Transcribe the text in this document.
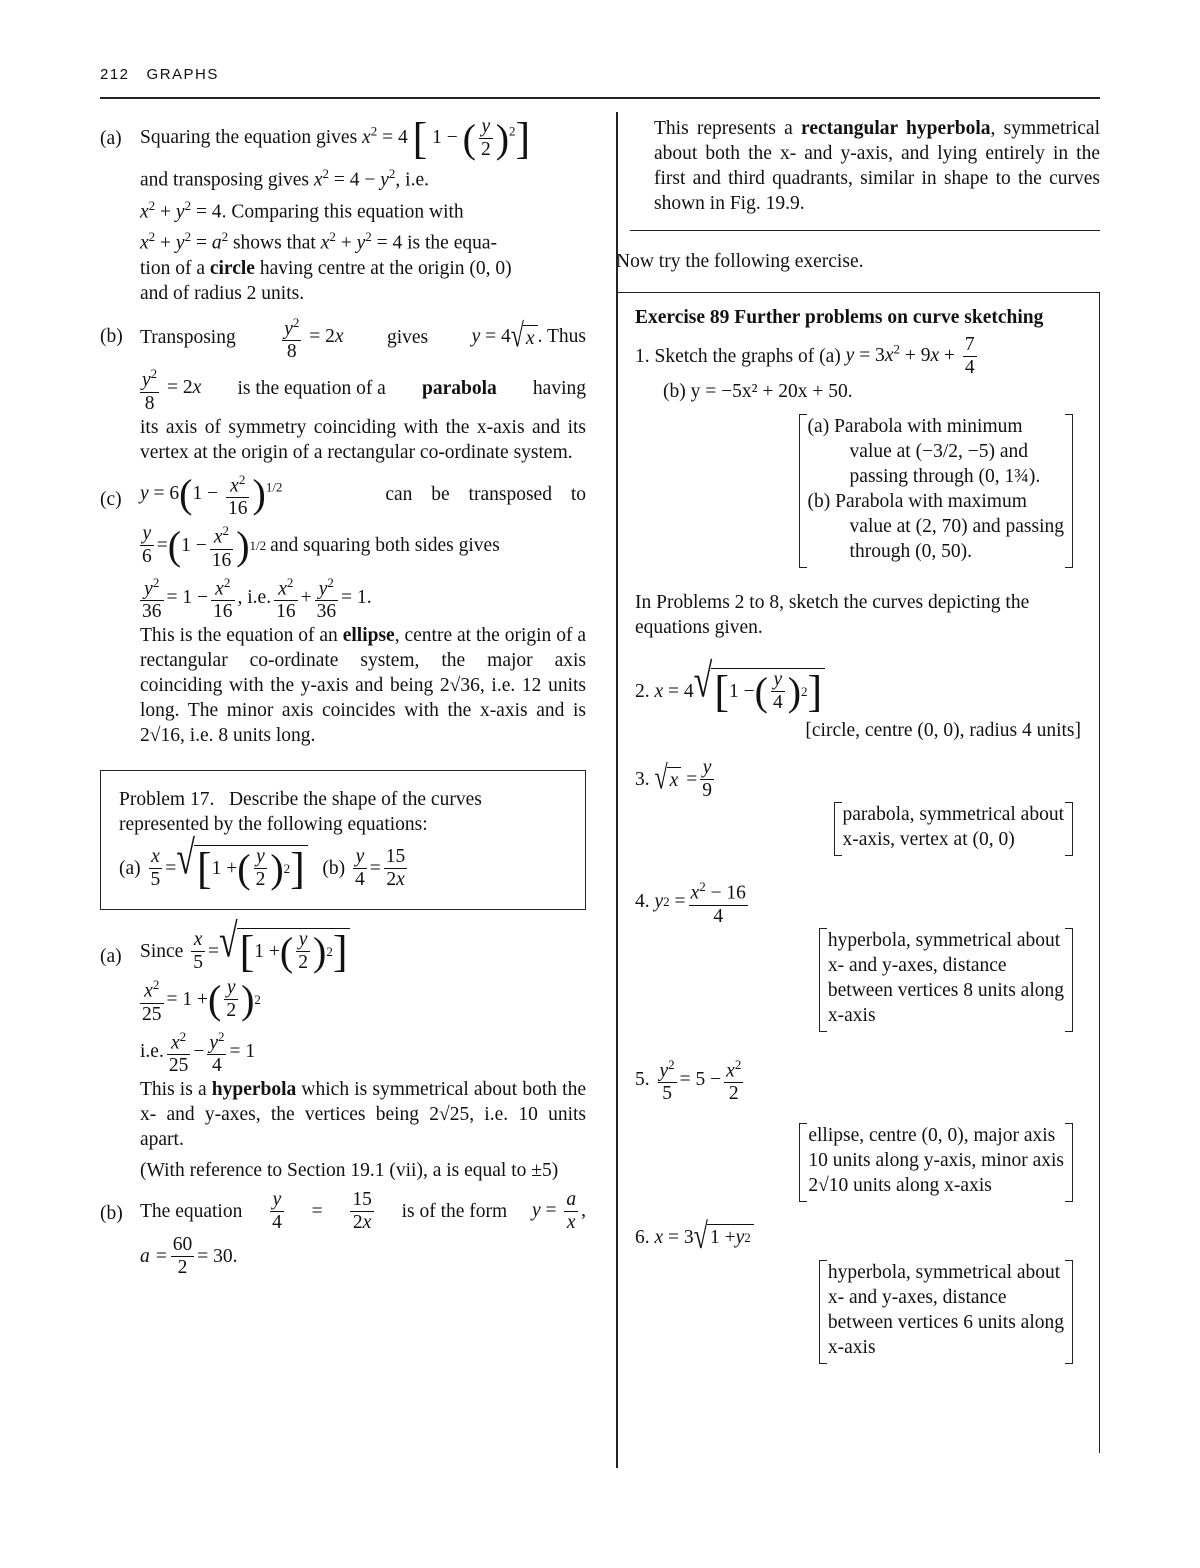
212 GRAPHS
(a) Squaring the equation gives $x^2 = 4$ [ 1 − ( $\frac{y}{2} )^2$]
and transposing gives $x^2 = 4 - y^2$, i.e.
$x^2 + y^2 = 4$. Comparing this equation with
$x^2 + y^2 = a^2$ shows that $x^2 + y^2 = 4$ is the equa-
tion of a circle having centre at the origin (0, 0)
and of radius 2 units.
(b) Transposing $\frac{y^2}{8} = 2x$ gives y = 4 √ x . Thus
$\frac{y^2}{8} = 2x$ is the equation of a parabola having
its axis of symmetry coinciding with the x-axis and its vertex at the origin of a rectangular co-ordinate system.
(c) $y = 6(1 - \frac{x^2}{16} )^{1/2}$	can be transposed to
$\frac{y}{6}$ = ( $1 - \frac{x^2}{16}$ ) 1/2 and squaring both sides gives
$\frac{y^2}{36} = 1 - \frac{x^2}{16}$ , i.e. $\frac{x^2}{16} + \frac{y^2}{36} = 1$.
This is the equation of an ellipse, centre at the origin of a rectangular co-ordinate system, the major axis coinciding with the y-axis and being 2√36, i.e. 12 units long. The minor axis coincides with the x-axis and is 2√16, i.e. 8 units long.
Problem 17. Describe the shape of the curves represented by the following equations:
(a)
$\frac{x}{5}$ = √ [ 1 + ( $\frac{y}{2}$ ) 2 ]
(b)
$\frac{y}{4} = \frac{15}{2x}$
(a) Since
$\frac{x}{5}$ = √ [ 1 + ( $\frac{y}{2}$ ) 2 ]
$\frac{x^2}{25} = 1$ + ( $\frac{y}{2}$ ) 2
i.e. $\frac{x^2}{25} - \frac{y^2}{4} = 1$
This is a hyperbola which is symmetrical about both the x- and y-axes, the vertices being 2√25, i.e. 10 units apart.
(With reference to Section 19.1 (vii), a is equal to ±5)
(b) The equation $\frac{y}{4} = \frac{15}{2x}$ is of the form $y = \frac{a}{x}$ ,
$a = \frac{60}{2} = 30$.
This represents a rectangular hyperbola, symmetrical about both the x- and y-axis, and lying entirely in the first and third quadrants, similar in shape to the curves shown in Fig. 19.9.
Now try the following exercise.
Exercise 89 Further problems on curve sketching
1. Sketch the graphs of (a)
$y = 3x^2 + 9x + \frac{7}{4}$
(b) y = −5x² + 20x + 50.
(a) Parabola with minimum
value at (−3/2, −5) and
passing through (0, 1¾).
(b) Parabola with maximum
value at (2, 70) and passing
through (0, 50).
In Problems 2 to 8, sketch the curves depicting the equations given.
2.
x = 4 √ [ 1 − ( $\frac{y}{4}$ ) 2 ]
[circle, centre (0, 0), radius 4 units]
3.
√ $x = \frac{y}{9}$
parabola, symmetrical about
x-axis, vertex at (0, 0)
4.
y $2 = \frac{x^2 - 16}{4}$
hyperbola, symmetrical about
x- and y-axes, distance
between vertices 8 units along
x-axis
5.
$\frac{y^2}{5} = 5 - \frac{x^2}{2}$
ellipse, centre (0, 0), major axis
10 units along y-axis, minor axis
2√10 units along x-axis
6.
x = 3 √ 1 + y 2
hyperbola, symmetrical about
x- and y-axes, distance
between vertices 6 units along
x-axis
